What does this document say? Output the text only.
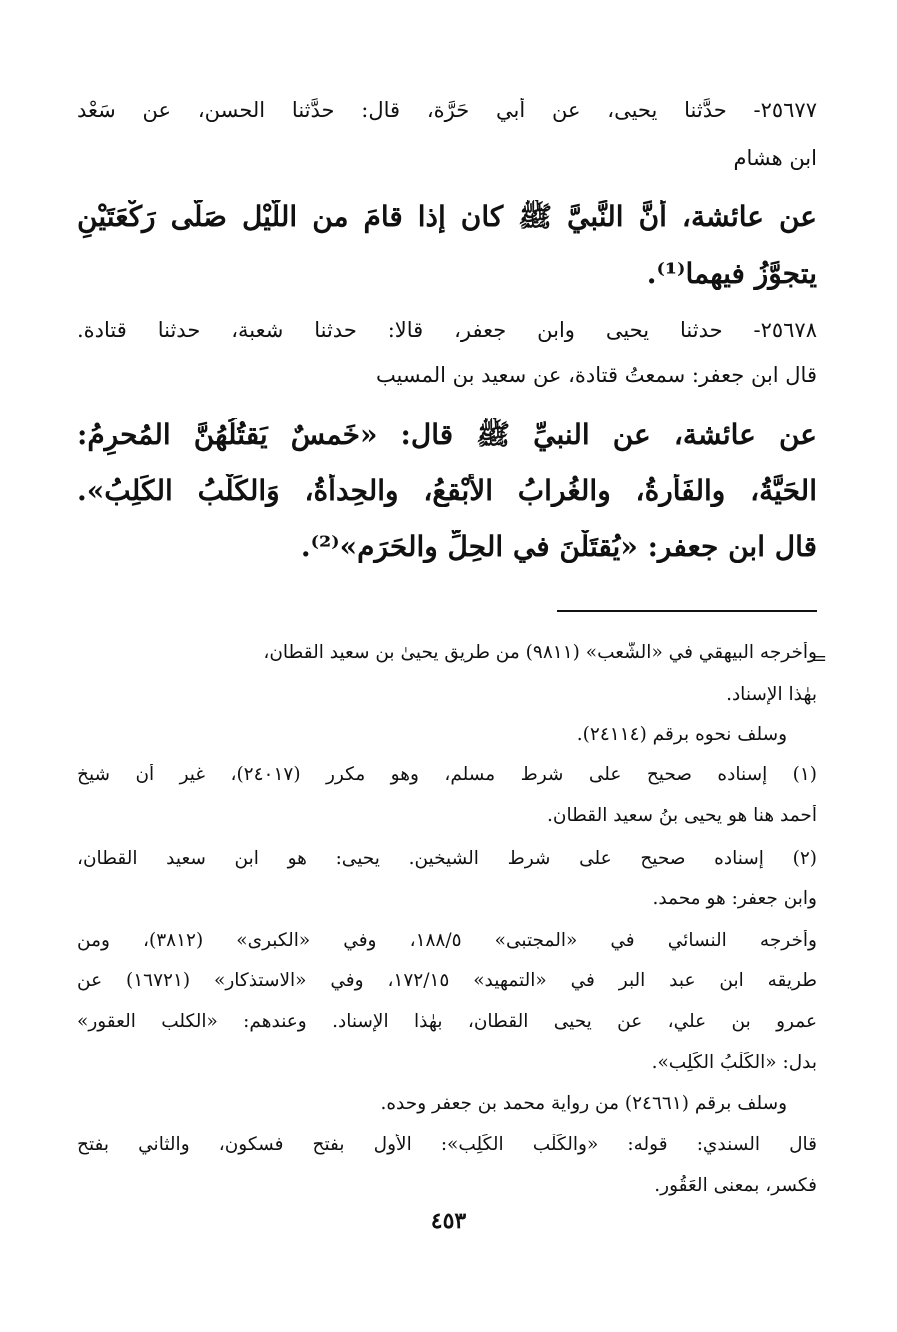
٢٥٦٧٧- حدَّثنا يحيى، عن أبي حَرَّة، قال: حدَّثنا الحسن، عن سَعْد
ابن هشام
عن عائشة، أَنَّ النَّبيَّ ﷺ كان إذا قامَ من اللَّيْل صَلَّى رَكْعَتَيْنِ
يتجوَّزُ فيهما⁽¹⁾.
٢٥٦٧٨- حدثنا يحيى وابن جعفر، قالا: حدثنا شعبة، حدثنا قتادة.
قال ابن جعفر: سمعتُ قتادة، عن سعيد بن المسيب
عن عائشة، عن النبيِّ ﷺ قال: «خَمسٌ يَقتُلُهُنَّ المُحرِمُ:
الحَيَّةُ، والفَأْرةُ، والغُرابُ الأَبْقعُ، والحِدأَةُ، وَالكَلْبُ الكَلِبُ».
قال ابن جعفر: «يُقتَلْنَ في الحِلِّ والحَرَم»⁽²⁾.
=
وأخرجه البيهقي في «الشُّعب» (٩٨١١) من طريق يحيىٰ بن سعيد القطان،
بهٰذا الإسناد.
وسلف نحوه برقم (٢٤١١٤).
(١) إسناده صحيح على شرط مسلم، وهو مكرر (٢٤٠١٧)، غير أن شيخ
أحمد هنا هو يحيى بنُ سعيد القطان.
(٢) إسناده صحيح على شرط الشيخين. يحيى: هو ابن سعيد القطان،
وابن جعفر: هو محمد.
وأخرجه النسائي في «المجتبى» ١٨٨/٥، وفي «الكبرى» (٣٨١٢)، ومن
طريقه ابن عبد البر في «التمهيد» ١٧٢/١٥، وفي «الاستذكار» (١٦٧٢١) عن
عمرو بن علي، عن يحيى القطان، بهٰذا الإسناد. وعندهم: «الكلب العقور»
بدل: «الكَلْبُ الكَلِب».
وسلف برقم (٢٤٦٦١) من رواية محمد بن جعفر وحده.
قال السندي: قوله: «والكَلْب الكَلِب»: الأول بفتح فسكون، والثاني بفتح
فكسر، بمعنى العَقُور.
٤٥٣
